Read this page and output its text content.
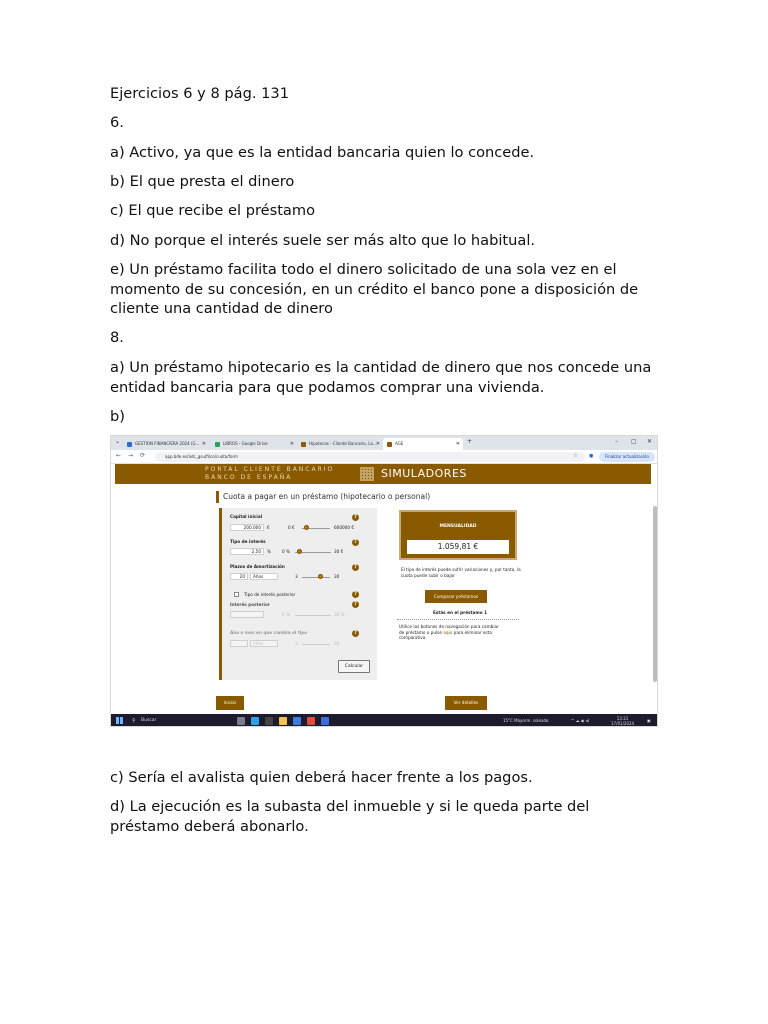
Ejercicios 6 y 8 pág. 131

6.

a) Activo, ya que es la entidad bancaria quien lo concede.

b) El que presta el dinero

c) El que recibe el préstamo

d) No porque el interés suele ser más alto que lo habitual.

e) Un préstamo facilita todo el dinero solicitado de una sola vez en el momento de su concesión, en un crédito el banco pone a disposición de cliente una cantidad de dinero

8.

a) Un préstamo hipotecario es la cantidad de dinero que nos concede una entidad bancaria para que podamos comprar una vivienda.

b)

c) Sería el avalista quien deberá hacer frente a los pagos.

d) La ejecución es la subasta del inmueble y si le queda parte del préstamo deberá abonarlo.

⌄	GESTION FINANCIERA 2024 (G... ✕	LIBROS - Google Drive	✕	Hipotecas - Cliente Bancario, Lo... ✕	AGE	✕ +	– ▢ ✕
← → ⟳	app.bde.es/adc_gsu/fi/co/cuota/form	☆ ●	Finalizar actualización
PORTAL CLIENTE BANCARIO
BANCO DE ESPAÑA	SIMULADORES
Cuota a pagar en un préstamo (hipotecario o personal)
Capital inicial	?
200.000	€	0 €	600000 €
Tipo de interés	?
2,50	%	0 %	30 €
Plazos de Amortización	?
20	Años	3	30
Tipo de interés posterior	?
Interés posterior	?
0 %	30 %
Año o mes en que cambia el tipo	?
Años	3	30
Calcular
MENSUALIDAD
1.059,81 €
El tipo de interés puede sufrir variaciones y, por tanto, la cuota puede subir o bajar
Comparar préstamos
Estás en el préstamo 1
Utilice los botones de navegación para cambiar de préstamo o pulse aquí para eliminar esta comparativa
Iniciar	Ver detalles
⚲ Buscar	15°C Mayorm. soleado	^ ☁ ◉ ◂)	13:21
17/01/2024
▣
